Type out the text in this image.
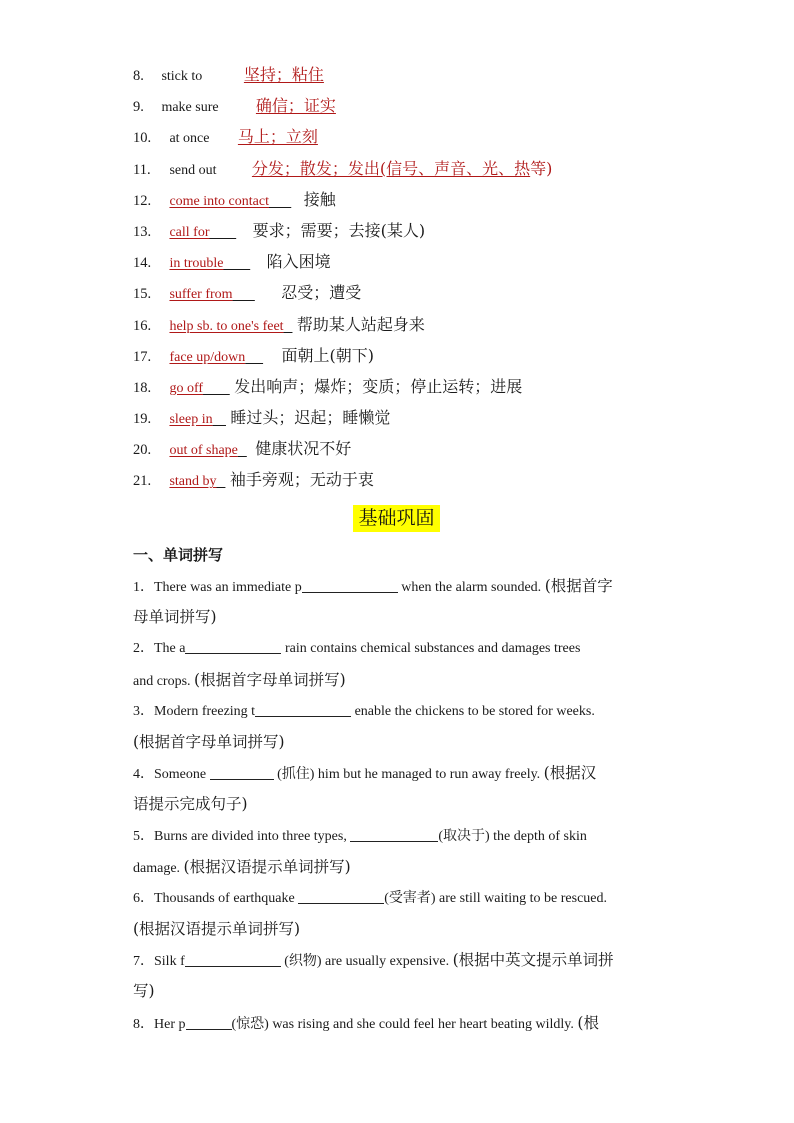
8. stick to	坚持；粘住
9. make sure 确信；证实
10. at once 马上；立刻
11. send out 分发；散发；发出(信号、声音、光、热等)
12. come into contact 接触
13. call for	要求；需要；去接(某人)
14. in trouble	陷入困境
15. suffer from	忍受；遭受
16. help sb. to one's feet 帮助某人站起身来
17. face up/down 面朝上(朝下)
18. go off 发出响声；爆炸；变质；停止运转；进展
19. sleep in 睡过头；迟起；睡懒觉
20. out of shape 健康状况不好
21. stand by 袖手旁观；无动于衷
基础巩固
一、单词拼写
1．There was an immediate p	when the alarm sounded. (根据首字
母单词拼写)
2．The a	rain contains chemical substances and damages trees
and crops. (根据首字母单词拼写)
3．Modern freezing t	enable the chickens to be stored for weeks.
(根据首字母单词拼写)
4．Someone	(抓住) him but he managed to run away freely. (根据汉
语提示完成句子)
5．Burns are divided into three types,	(取决于) the depth of skin
damage. (根据汉语提示单词拼写)
6．Thousands of earthquake	(受害者) are still waiting to be rescued.
(根据汉语提示单词拼写)
7．Silk f	(织物) are usually expensive. (根据中英文提示单词拼
写)
8．Her p	(惊恐) was rising and she could feel her heart beating wildly. (根
